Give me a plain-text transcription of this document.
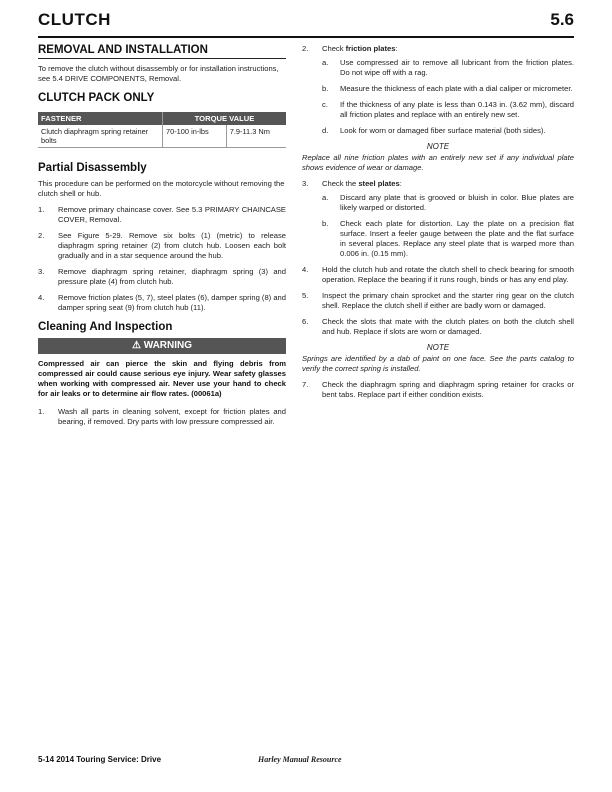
CLUTCH	5.6
REMOVAL AND INSTALLATION

To remove the clutch without disassembly or for installation instructions, see 5.4 DRIVE COMPONENTS, Removal.

CLUTCH PACK ONLY
FASTENER	TORQUE VALUE	
Clutch diaphragm spring retainer bolts	70-100 in-lbs	7.9-11.3 Nm
Partial Disassembly

This procedure can be performed on the motorcycle without removing the clutch shell or hub.

1. Remove primary chaincase cover. See 5.3 PRIMARY CHAINCASE COVER, Removal.
2. See Figure 5-29. Remove six bolts (1) (metric) to release diaphragm spring retainer (2) from clutch hub. Loosen each bolt gradually and in a star sequence around the hub.
3. Remove diaphragm spring retainer, diaphragm spring (3) and pressure plate (4) from clutch hub.
4. Remove friction plates (5, 7), steel plates (6), damper spring (8) and damper spring seat (9) from clutch hub (11).
Cleaning And Inspection
⚠ WARNING

Compressed air can pierce the skin and flying debris from compressed air could cause serious eye injury. Wear safety glasses when working with compressed air. Never use your hand to check for air leaks or to determine air flow rates. (00061a)

1. Wash all parts in cleaning solvent, except for friction plates and bearing, if removed. Dry parts with low pressure compressed air.
2. Check friction plates:
a. Use compressed air to remove all lubricant from the friction plates. Do not wipe off with a rag.
b. Measure the thickness of each plate with a dial caliper or micrometer.
c. If the thickness of any plate is less than 0.143 in. (3.62 mm), discard all friction plates and replace with an entirely new set.
d. Look for worn or damaged fiber surface material (both sides).
NOTE

Replace all nine friction plates with an entirely new set if any individual plate shows evidence of wear or damage.

3. Check the steel plates:
a. Discard any plate that is grooved or bluish in color. Blue plates are likely warped or distorted.
b. Check each plate for distortion. Lay the plate on a precision flat surface. Insert a feeler gauge between the plate and the flat surface in several places. Replace any steel plate that is warped more than 0.006 in. (0.15 mm).
4. Hold the clutch hub and rotate the clutch shell to check bearing for smooth operation. Replace the bearing if it runs rough, binds or has any end play.
5. Inspect the primary chain sprocket and the starter ring gear on the clutch shell. Replace the clutch shell if either are badly worn or damaged.
6. Check the slots that mate with the clutch plates on both the clutch shell and hub. Replace if slots are worn or damaged.
NOTE

Springs are identified by a dab of paint on one face. See the parts catalog to verify the correct spring is installed.

7. Check the diaphragm spring and diaphragm spring retainer for cracks or bent tabs. Replace part if either condition exists.
5-14 2014 Touring Service: Drive	Harley Manual Resource
